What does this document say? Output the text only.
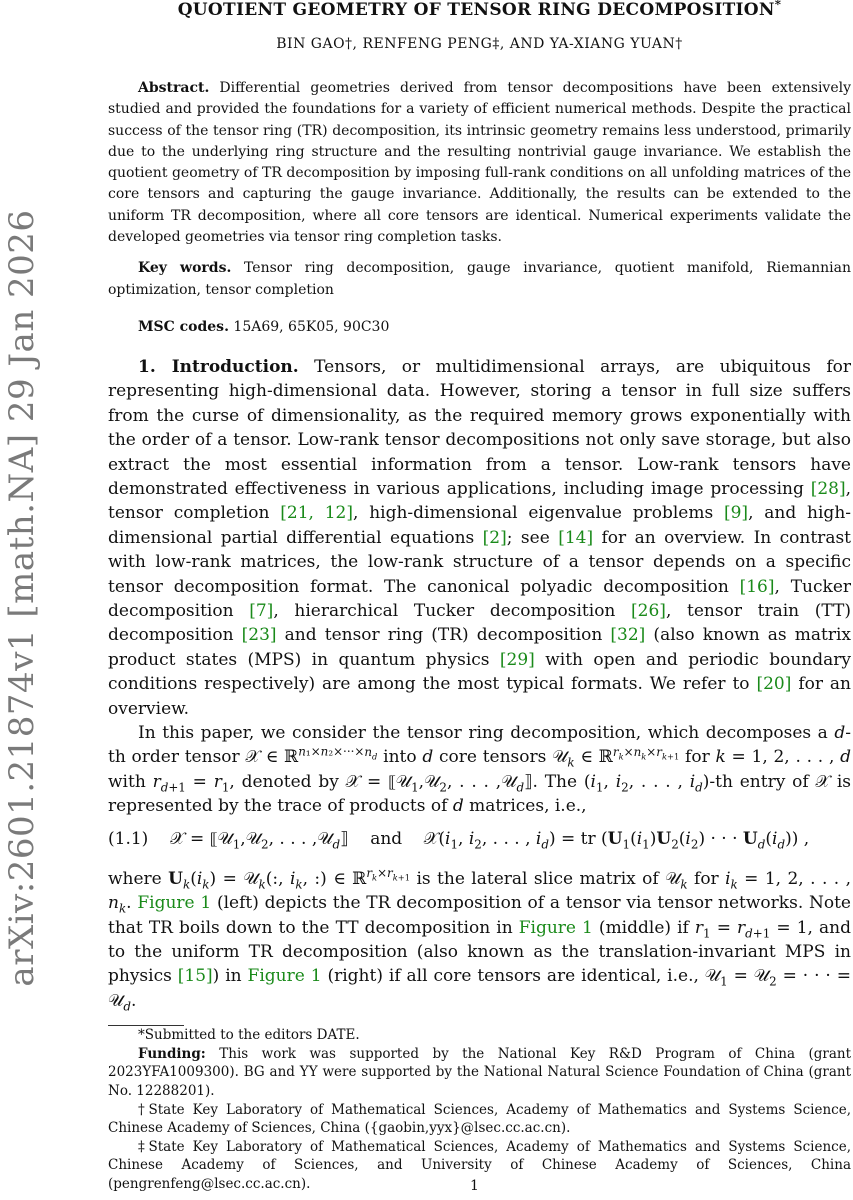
arXiv:2601.21874v1 [math.NA] 29 Jan 2026
QUOTIENT GEOMETRY OF TENSOR RING DECOMPOSITION*
BIN GAO†, RENFENG PENG‡, AND YA-XIANG YUAN†
Abstract. Differential geometries derived from tensor decompositions have been extensively studied and provided the foundations for a variety of efficient numerical methods. Despite the practical success of the tensor ring (TR) decomposition, its intrinsic geometry remains less understood, primarily due to the underlying ring structure and the resulting nontrivial gauge invariance. We establish the quotient geometry of TR decomposition by imposing full-rank conditions on all unfolding matrices of the core tensors and capturing the gauge invariance. Additionally, the results can be extended to the uniform TR decomposition, where all core tensors are identical. Numerical experiments validate the developed geometries via tensor ring completion tasks.
Key words. Tensor ring decomposition, gauge invariance, quotient manifold, Riemannian optimization, tensor completion
MSC codes. 15A69, 65K05, 90C30
1. Introduction. Tensors, or multidimensional arrays, are ubiquitous for representing high-dimensional data. However, storing a tensor in full size suffers from the curse of dimensionality, as the required memory grows exponentially with the order of a tensor. Low-rank tensor decompositions not only save storage, but also extract the most essential information from a tensor. Low-rank tensors have demonstrated effectiveness in various applications, including image processing [28], tensor completion [21, 12], high-dimensional eigenvalue problems [9], and high-dimensional partial differential equations [2]; see [14] for an overview. In contrast with low-rank matrices, the low-rank structure of a tensor depends on a specific tensor decomposition format. The canonical polyadic decomposition [16], Tucker decomposition [7], hierarchical Tucker decomposition [26], tensor train (TT) decomposition [23] and tensor ring (TR) decomposition [32] (also known as matrix product states (MPS) in quantum physics [29] with open and periodic boundary conditions respectively) are among the most typical formats. We refer to [20] for an overview.
In this paper, we consider the tensor ring decomposition, which decomposes a d-th order tensor 𝒳 ∈ ℝ$^{n_1\times n_2\times\cdot\cdot\cdot\times n_d}$ into d core tensors 𝒰$_k$ ∈ ℝ$^{r_k\times n_k\times r_{k+1}}$ for k = 1, 2, . . . , d with $r_{d+1} = r_1$, denoted by 𝒳 = ⟦𝒰$_1$,𝒰$_2$, . . . ,𝒰$_d$⟧. The ($i_1$, $i_2$, . . . , $i_d)-th$ entry of 𝒳 is represented by the trace of products of d matrices, i.e.,
(1.1) 𝒳 = ⟦𝒰$_1$,𝒰$_2$, . . . ,𝒰$_d$⟧    and    $𝒳(i_1$, $i_2$, . . . , $i_d$) = tr ($U_1(i_1)U_2(i_2)$ · · · $U_d(i_d)$) ,
where $U_k(i_k)$ = 𝒰$_k$(:, $i_k$, :) ∈ ℝ$^{r_k\times r_{k+1}}$ is the lateral slice matrix of 𝒰$_k$ for $i_k = 1$, 2, . . . , $n_k$. Figure 1 (left) depicts the TR decomposition of a tensor via tensor networks. Note that TR boils down to the TT decomposition in Figure 1 (middle) if $r_1 = r_{d+1} = 1$, and to the uniform TR decomposition (also known as the translation-invariant MPS in physics [15]) in Figure 1 (right) if all core tensors are identical, i.e., 𝒰$_1$ = 𝒰$_2$ = · · · = 𝒰$_d$.

*Submitted to the editors DATE.

Funding: This work was supported by the National Key R&D Program of China (grant 2023YFA1009300). BG and YY were supported by the National Natural Science Foundation of China (grant No. 12288201).

†State Key Laboratory of Mathematical Sciences, Academy of Mathematics and Systems Science, Chinese Academy of Sciences, China ({gaobin,yyx}@lsec.cc.ac.cn).

‡State Key Laboratory of Mathematical Sciences, Academy of Mathematics and Systems Science, Chinese Academy of Sciences, and University of Chinese Academy of Sciences, China (pengrenfeng@lsec.cc.ac.cn).	1
